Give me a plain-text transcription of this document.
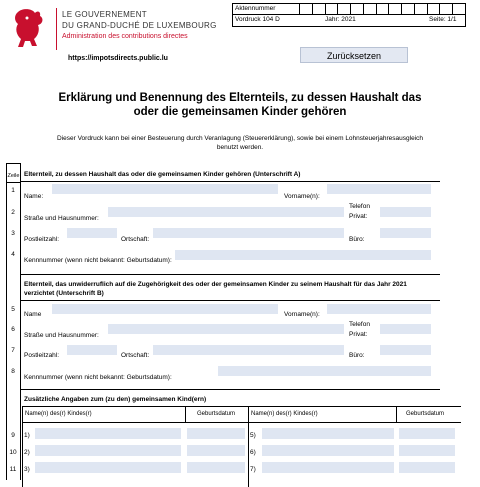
LE GOUVERNEMENT
DU GRAND-DUCHÉ DE LUXEMBOURG
Administration des contributions directes
https://impotsdirects.public.lu
Aktennummer
Vordruck 104 D	Jahr: 2021	Seite: 1/1
Zurücksetzen
Erklärung und Benennung des Elternteils, zu dessen Haushalt das
oder die gemeinsamen Kinder gehören
Dieser Vordruck kann bei einer Besteuerung durch Veranlagung (Steuererklärung), sowie bei einem Lohnsteuerjahresausgleich
benutzt werden.
Zeile Elternteil, zu dessen Haushalt das oder die gemeinsamen Kinder gehören (Unterschrift A)
1
Name:	Vorname(n):
2
Straße und Hausnummer:
Telefon
Privat:
3
Postleitzahl:	Ortschaft:	Büro:
4
Kennnummer (wenn nicht bekannt: Geburtsdatum):
Elternteil, das unwiderruflich auf die Zugehörigkeit des oder der gemeinsamen Kinder zu seinem Haushalt für das Jahr 2021
verzichtet (Unterschrift B)
5
Name	Vorname(n):
6
Straße und Hausnummer:
Telefon
Privat:
7
Postleitzahl:	Ortschaft:	Büro:
8
Kennnummer (wenn nicht bekannt: Geburtsdatum):
Zusätzliche Angaben zum (zu den) gemeinsamen Kind(ern)
Name(n) des(r) Kindes(r)	Geburtsdatum	Name(n) des(r) Kindes(r)	Geburtsdatum
9	1)	5)
10	2)	6)
11	3)	7)
